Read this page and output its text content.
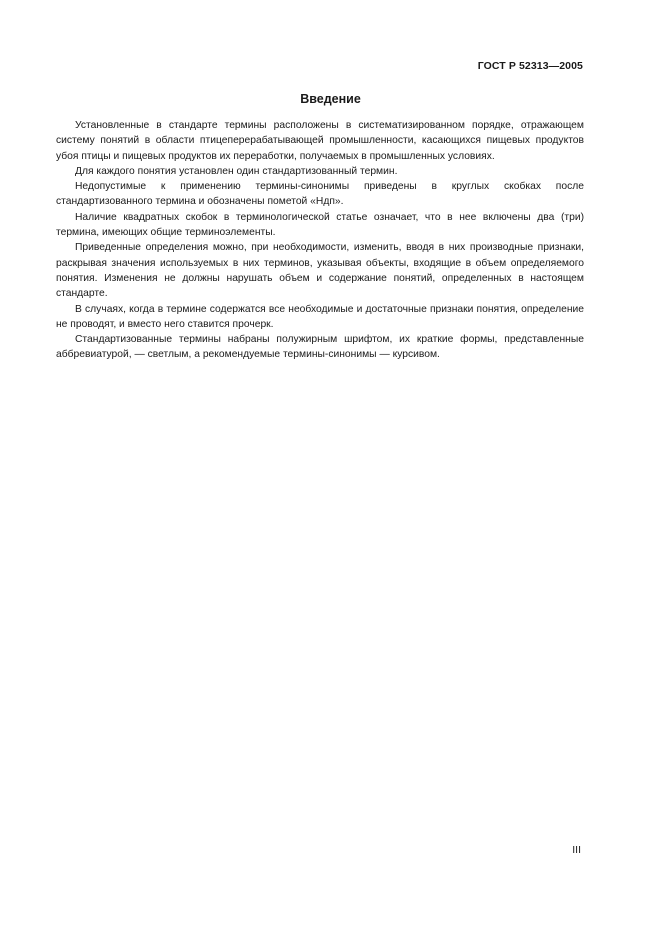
ГОСТ Р 52313—2005
Введение

Установленные в стандарте термины расположены в систематизированном порядке, отражающем систему понятий в области птицеперерабатывающей промышленности, касающихся пищевых продуктов убоя птицы и пищевых продуктов их переработки, получаемых в промышленных условиях.

Для каждого понятия установлен один стандартизованный термин.

Недопустимые к применению термины-синонимы приведены в круглых скобках после стандартизованного термина и обозначены пометой «Ндп».

Наличие квадратных скобок в терминологической статье означает, что в нее включены два (три) термина, имеющих общие терминоэлементы.

Приведенные определения можно, при необходимости, изменить, вводя в них производные признаки, раскрывая значения используемых в них терминов, указывая объекты, входящие в объем определяемого понятия. Изменения не должны нарушать объем и содержание понятий, определенных в настоящем стандарте.

В случаях, когда в термине содержатся все необходимые и достаточные признаки понятия, определение не проводят, и вместо него ставится прочерк.

Стандартизованные термины набраны полужирным шрифтом, их краткие формы, представленные аббревиатурой, — светлым, а рекомендуемые термины-синонимы — курсивом.

III
